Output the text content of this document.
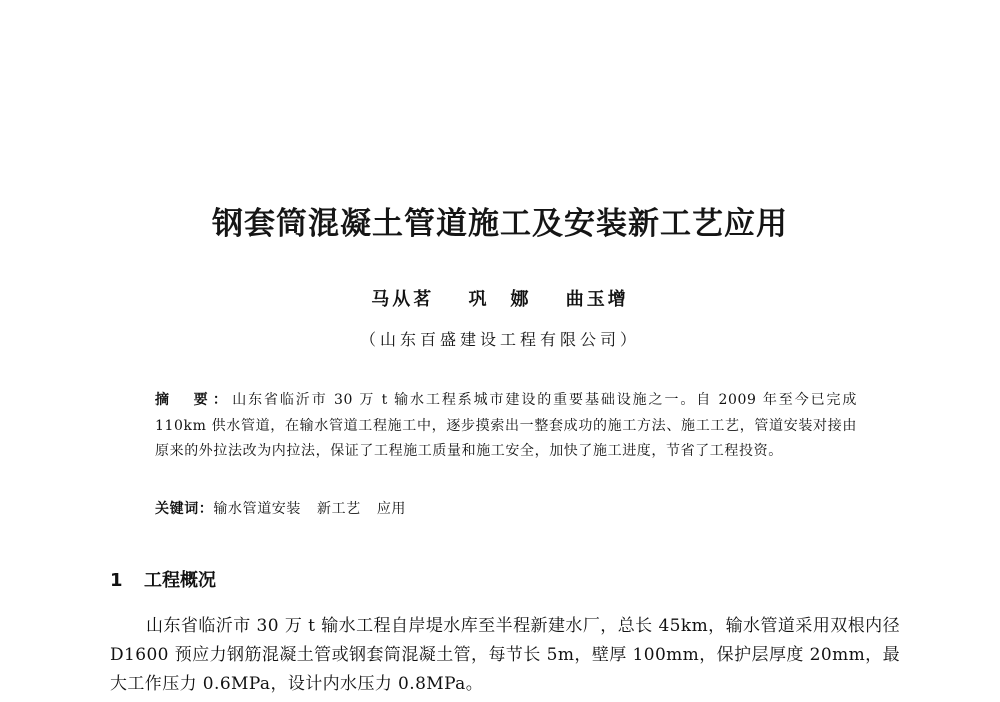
钢套筒混凝土管道施工及安装新工艺应用
马从茗 巩　娜 曲玉增
（山东百盛建设工程有限公司）
摘　要：山东省临沂市 30 万 t 输水工程系城市建设的重要基础设施之一。自 2009 年至今已完成 110km 供水管道，在输水管道工程施工中，逐步摸索出一整套成功的施工方法、施工工艺，管道安装对接由原来的外拉法改为内拉法，保证了工程施工质量和施工安全，加快了施工进度，节省了工程投资。
关键词：输水管道安装 新工艺 应用
1 工程概况
山东省临沂市 30 万 t 输水工程自岸堤水库至半程新建水厂，总长 45km，输水管道采用双根内径 D1600 预应力钢筋混凝土管或钢套筒混凝土管，每节长 5m，壁厚 100mm，保护层厚度 20mm，最大工作压力 0.6MPa，设计内水压力 0.8MPa。
